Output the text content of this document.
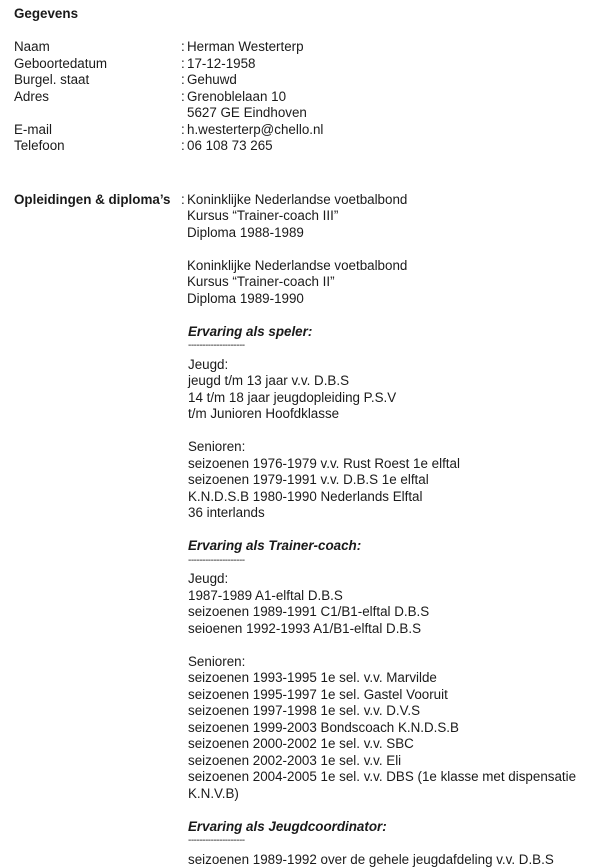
Gegevens
Naam	: Herman Westerterp
Geboortedatum	: 17-12-1958
Burgel. staat	: Gehuwd
Adres	: Grenoblelaan 10
5627 GE Eindhoven
E-mail	: h.westerterp@chello.nl
Telefoon	: 06 108 73 265
Opleidingen & diploma’s : Koninklijke Nederlandse voetbalbond
Kursus “Trainer-coach III”
Diploma 1988-1989
Koninklijke Nederlandse voetbalbond
Kursus “Trainer-coach II”
Diploma 1989-1990
Ervaring als speler:
--------------------
Jeugd:
jeugd t/m 13 jaar v.v. D.B.S
14 t/m 18 jaar jeugdopleiding P.S.V
t/m Junioren Hoofdklasse
Senioren:
seizoenen 1976-1979 v.v. Rust Roest 1e elftal
seizoenen 1979-1991 v.v. D.B.S 1e elftal
K.N.D.S.B 1980-1990 Nederlands Elftal
36 interlands
Ervaring als Trainer-coach:
--------------------
Jeugd:
1987-1989 A1-elftal D.B.S
seizoenen 1989-1991 C1/B1-elftal D.B.S
seioenen 1992-1993 A1/B1-elftal D.B.S
Senioren:
seizoenen 1993-1995 1e sel. v.v. Marvilde
seizoenen 1995-1997 1e sel. Gastel Vooruit
seizoenen 1997-1998 1e sel. v.v. D.V.S
seizoenen 1999-2003 Bondscoach K.N.D.S.B
seizoenen 2000-2002 1e sel. v.v. SBC
seizoenen 2002-2003 1e sel. v.v. Eli
seizoenen 2004-2005 1e sel. v.v. DBS (1e klasse met dispensatie K.N.V.B)
Ervaring als Jeugdcoordinator:
--------------------
seizoenen 1989-1992 over de gehele jeugdafdeling v.v. D.B.S
